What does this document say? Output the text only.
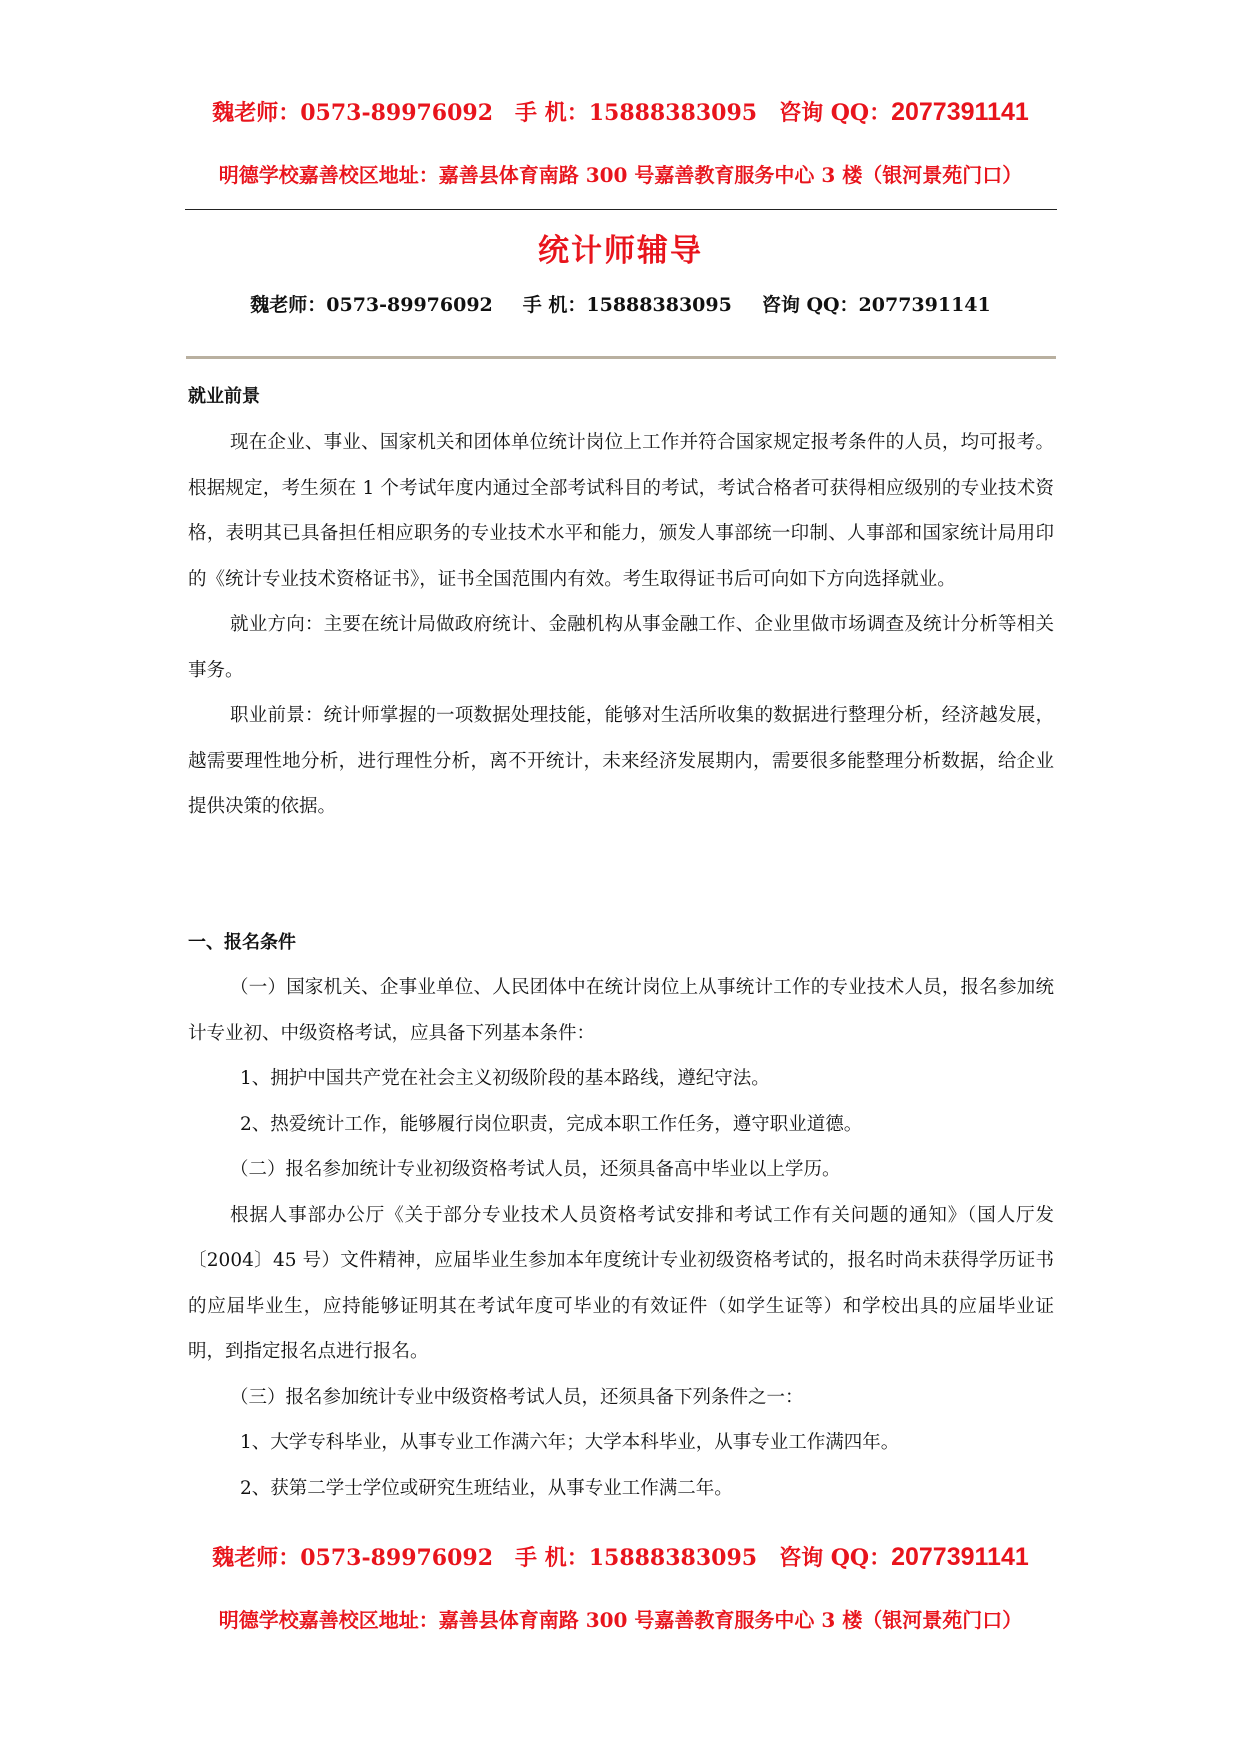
魏老师：0573-89976092 手 机：15888383095 咨询 QQ：2077391141
明德学校嘉善校区地址：嘉善县体育南路 300 号嘉善教育服务中心 3 楼（银河景苑门口）
统计师辅导
魏老师：0573-89976092 手 机：15888383095 咨询 QQ：2077391141
就业前景

现在企业、事业、国家机关和团体单位统计岗位上工作并符合国家规定报考条件的人员，均可报考。根据规定，考生须在 1 个考试年度内通过全部考试科目的考试，考试合格者可获得相应级别的专业技术资格，表明其已具备担任相应职务的专业技术水平和能力，颁发人事部统一印制、人事部和国家统计局用印的《统计专业技术资格证书》，证书全国范围内有效。考生取得证书后可向如下方向选择就业。

就业方向：主要在统计局做政府统计、金融机构从事金融工作、企业里做市场调查及统计分析等相关事务。

职业前景：统计师掌握的一项数据处理技能，能够对生活所收集的数据进行整理分析，经济越发展，越需要理性地分析，进行理性分析，离不开统计，未来经济发展期内，需要很多能整理分析数据，给企业提供决策的依据。

一、报名条件

（一）国家机关、企事业单位、人民团体中在统计岗位上从事统计工作的专业技术人员，报名参加统计专业初、中级资格考试，应具备下列基本条件：

1、拥护中国共产党在社会主义初级阶段的基本路线，遵纪守法。

2、热爱统计工作，能够履行岗位职责，完成本职工作任务，遵守职业道德。

（二）报名参加统计专业初级资格考试人员，还须具备高中毕业以上学历。

根据人事部办公厅《关于部分专业技术人员资格考试安排和考试工作有关问题的通知》（国人厅发〔2004〕45 号）文件精神，应届毕业生参加本年度统计专业初级资格考试的，报名时尚未获得学历证书的应届毕业生，应持能够证明其在考试年度可毕业的有效证件（如学生证等）和学校出具的应届毕业证明，到指定报名点进行报名。

（三）报名参加统计专业中级资格考试人员，还须具备下列条件之一：

1、大学专科毕业，从事专业工作满六年；大学本科毕业，从事专业工作满四年。

2、获第二学士学位或研究生班结业，从事专业工作满二年。

魏老师：0573-89976092 手 机：15888383095 咨询 QQ：2077391141
明德学校嘉善校区地址：嘉善县体育南路 300 号嘉善教育服务中心 3 楼（银河景苑门口）
